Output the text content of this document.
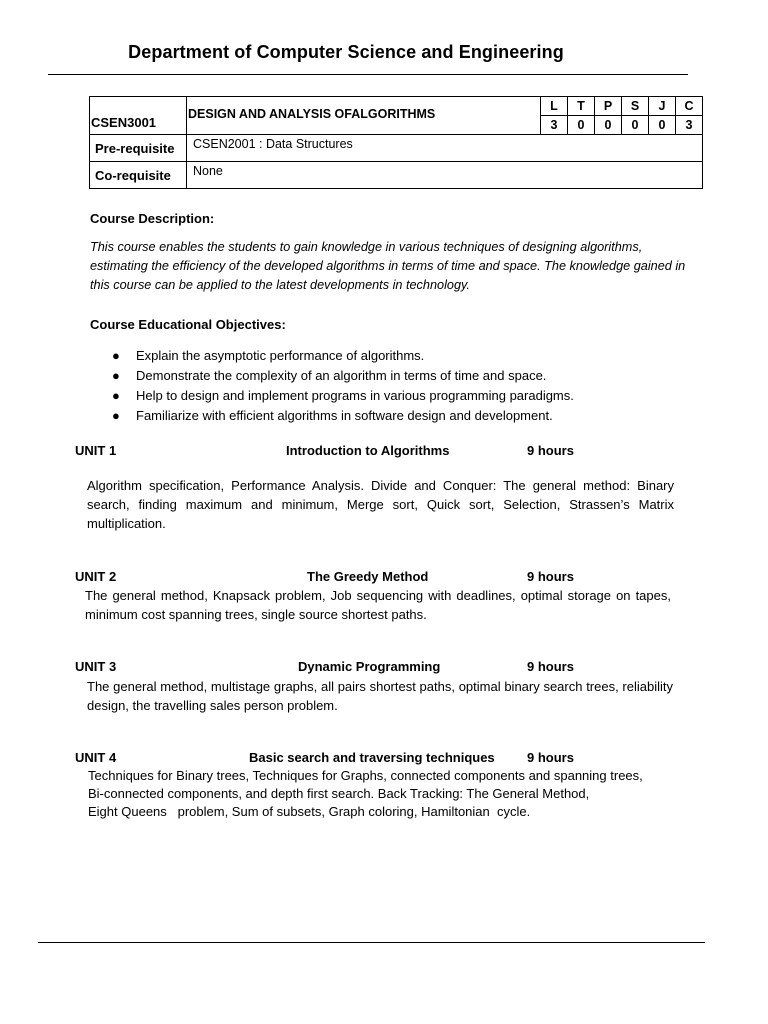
Department of Computer Science and Engineering
CSEN3001	DESIGN AND ANALYSIS OFALGORITHMS	L	T	P	S	J	C
		3	0	0	0	0	3
Pre-requisite	CSEN2001 : Data Structures						
Co-requisite	None						
Course Description:
This course enables the students to gain knowledge in various techniques of designing algorithms, estimating the efficiency of the developed algorithms in terms of time and space. The knowledge gained in this course can be applied to the latest developments in technology.
Course Educational Objectives:
● Explain the asymptotic performance of algorithms.
● Demonstrate the complexity of an algorithm in terms of time and space.
● Help to design and implement programs in various programming paradigms.
● Familiarize with efficient algorithms in software design and development.
UNIT 1	Introduction to Algorithms	9 hours
Algorithm specification, Performance Analysis. Divide and Conquer: The general method: Binary search, finding maximum and minimum, Merge sort, Quick sort, Selection, Strassen’s Matrix multiplication.
UNIT 2	The Greedy Method	9 hours
The general method, Knapsack problem, Job sequencing with deadlines, optimal storage on tapes, minimum cost spanning trees, single source shortest paths.
UNIT 3	Dynamic Programming	9 hours
The general method, multistage graphs, all pairs shortest paths, optimal binary search trees, reliability design, the travelling sales person problem.
UNIT 4	Basic search and traversing techniques 9 hours
Techniques for Binary trees, Techniques for Graphs, connected components and spanning trees,
Bi-connected components, and depth first search. Back Tracking: The General Method,
Eight Queens   problem, Sum of subsets, Graph coloring, Hamiltonian  cycle.
